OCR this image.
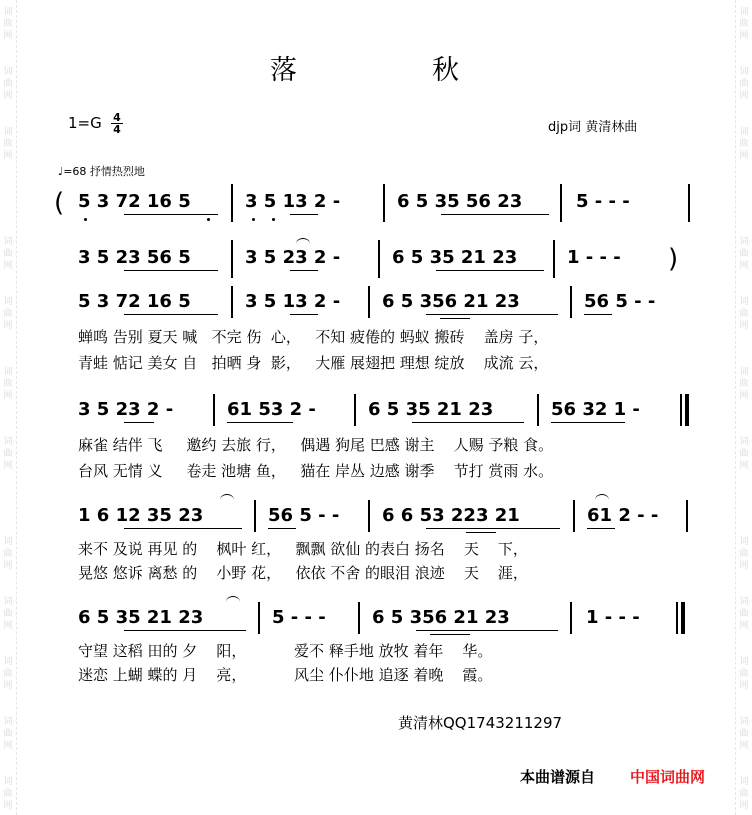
词
曲
网
词
曲
网
词
曲
网
词
曲
网
词
曲
网
词
曲
网
词
曲
网
词
曲
网
词
曲
网
词
曲
网
词
曲
网
词
曲
网
词
曲
网
词
曲
网
词
曲
网
词
曲
网
词
曲
网
词
曲
网
词
曲
网
词
曲
网
词
曲
网
词
曲
网
词
曲
网
词
曲
网
落	秋
1=G 4
4	djp词 黄清林曲
♩=68 抒情热烈地
( 5 3 72 16 5	3 5 13 2 -	6 5 35 56 23	5 - - -
3 5 23 56 5	3 5 23 2 -	6 5 35 21 23	1 - - - )
5 3 72 16 5	3 5 13 2 - 6 5 356 21 23	56 5 - -
蝉鸣 告别 夏天 喊   不完 伤  心，   不知 疲倦的 蚂蚁 搬砖    盖房 子，
青蛙 惦记 美女 自   拍晒 身  影，   大雁 展翅把 理想 绽放    成流 云，
3 5 23 2 -	61 53 2 -	6 5 35 21 23	56 32 1 -
麻雀 结伴 飞     邀约 去旅 行，   偶遇 狗尾 巴感 谢主    人赐 予粮 食。
台风 无情 义     卷走 池塘 鱼，   猫在 岸丛 边感 谢季    节打 赏雨 水。
1 6 12 35 23	56 5 - - 6 6 53 223 21	61 2 - -
来不 及说 再见 的    枫叶 红，   飘飘 欲仙 的表白 扬名    天    下，
晃悠 悠诉 离愁 的    小野 花，   依依 不舍 的眼泪 浪迹    天    涯，
6 5 35 21 23	5 - - -	6 5 356 21 23	1 - - -
守望 这稻 田的 夕    阳，          爱不 释手地 放牧 着年    华。
迷恋 上蝴 蝶的 月    亮，          风尘 仆仆地 追逐 着晚    霞。
黄清林QQ1743211297
本曲谱源自 中国词曲网
